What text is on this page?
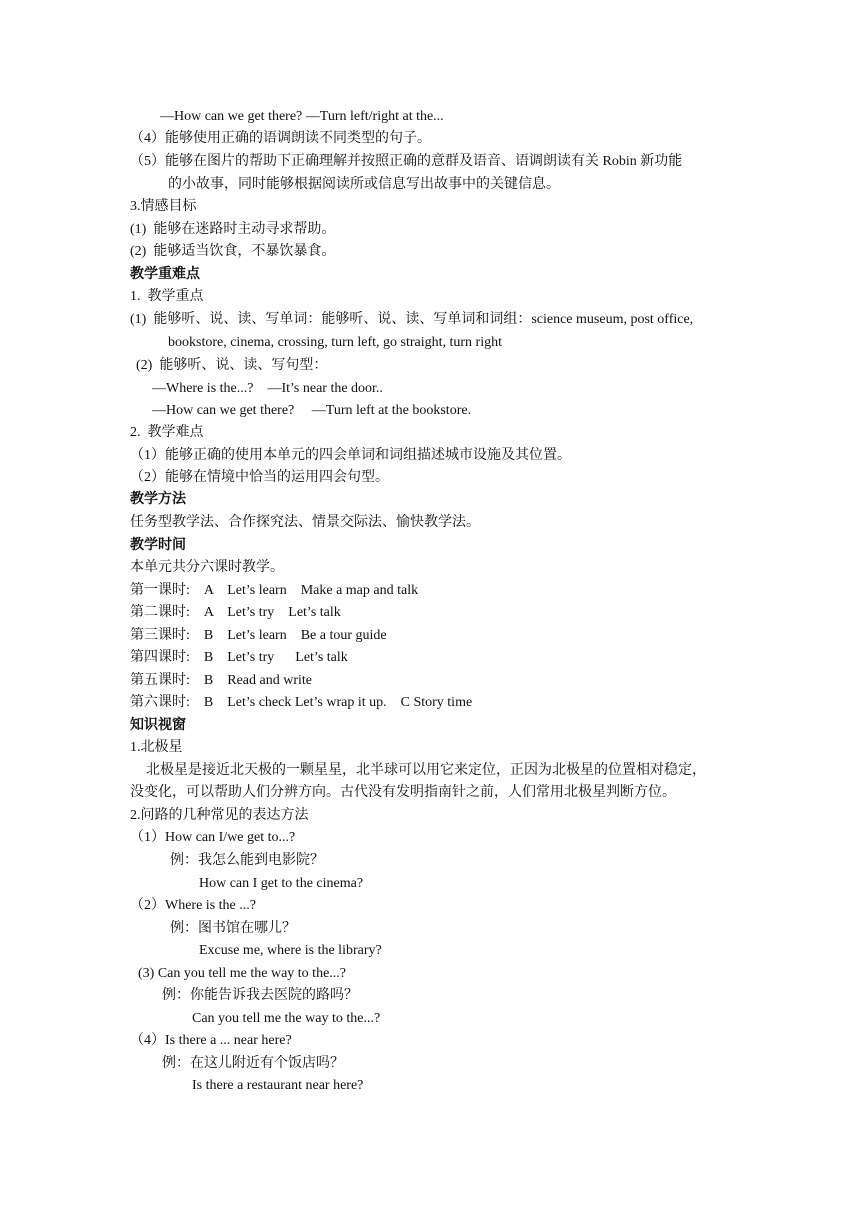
—How can we get there? —Turn left/right at the...
（4）能够使用正确的语调朗读不同类型的句子。
（5）能够在图片的帮助下正确理解并按照正确的意群及语音、语调朗读有关 Robin 新功能
的小故事，同时能够根据阅读所或信息写出故事中的关键信息。
3.情感目标
(1)  能够在迷路时主动寻求帮助。
(2)  能够适当饮食，不暴饮暴食。
教学重难点
1.  教学重点
(1)  能够听、说、读、写单词：能够听、说、读、写单词和词组：science museum, post office,
bookstore, cinema, crossing, turn left, go straight, turn right
(2)  能够听、说、读、写句型：
—Where is the...?    —It’s near the door..
—How can we get there?     —Turn left at the bookstore.
2.  教学难点
（1）能够正确的使用本单元的四会单词和词组描述城市设施及其位置。
（2）能够在情境中恰当的运用四会句型。
教学方法
任务型教学法、合作探究法、情景交际法、愉快教学法。
教学时间
本单元共分六课时教学。
第一课时:    A    Let’s learn    Make a map and talk
第二课时:    A    Let’s try    Let’s talk
第三课时:    B    Let’s learn    Be a tour guide
第四课时:    B    Let’s try      Let’s talk
第五课时:    B    Read and write
第六课时:    B    Let’s check Let’s wrap it up.    C Story time
知识视窗
1.北极星
北极星是接近北天极的一颗星星，北半球可以用它来定位，正因为北极星的位置相对稳定，
没变化，可以帮助人们分辨方向。古代没有发明指南针之前，人们常用北极星判断方位。
2.问路的几种常见的表达方法
（1）How can I/we get to...?
例：我怎么能到电影院？
How can I get to the cinema?
（2）Where is the ...?
例：图书馆在哪儿？
Excuse me, where is the library?
(3) Can you tell me the way to the...?
例：你能告诉我去医院的路吗？
Can you tell me the way to the...?
（4）Is there a ... near here?
例：在这儿附近有个饭店吗？
Is there a restaurant near here?
